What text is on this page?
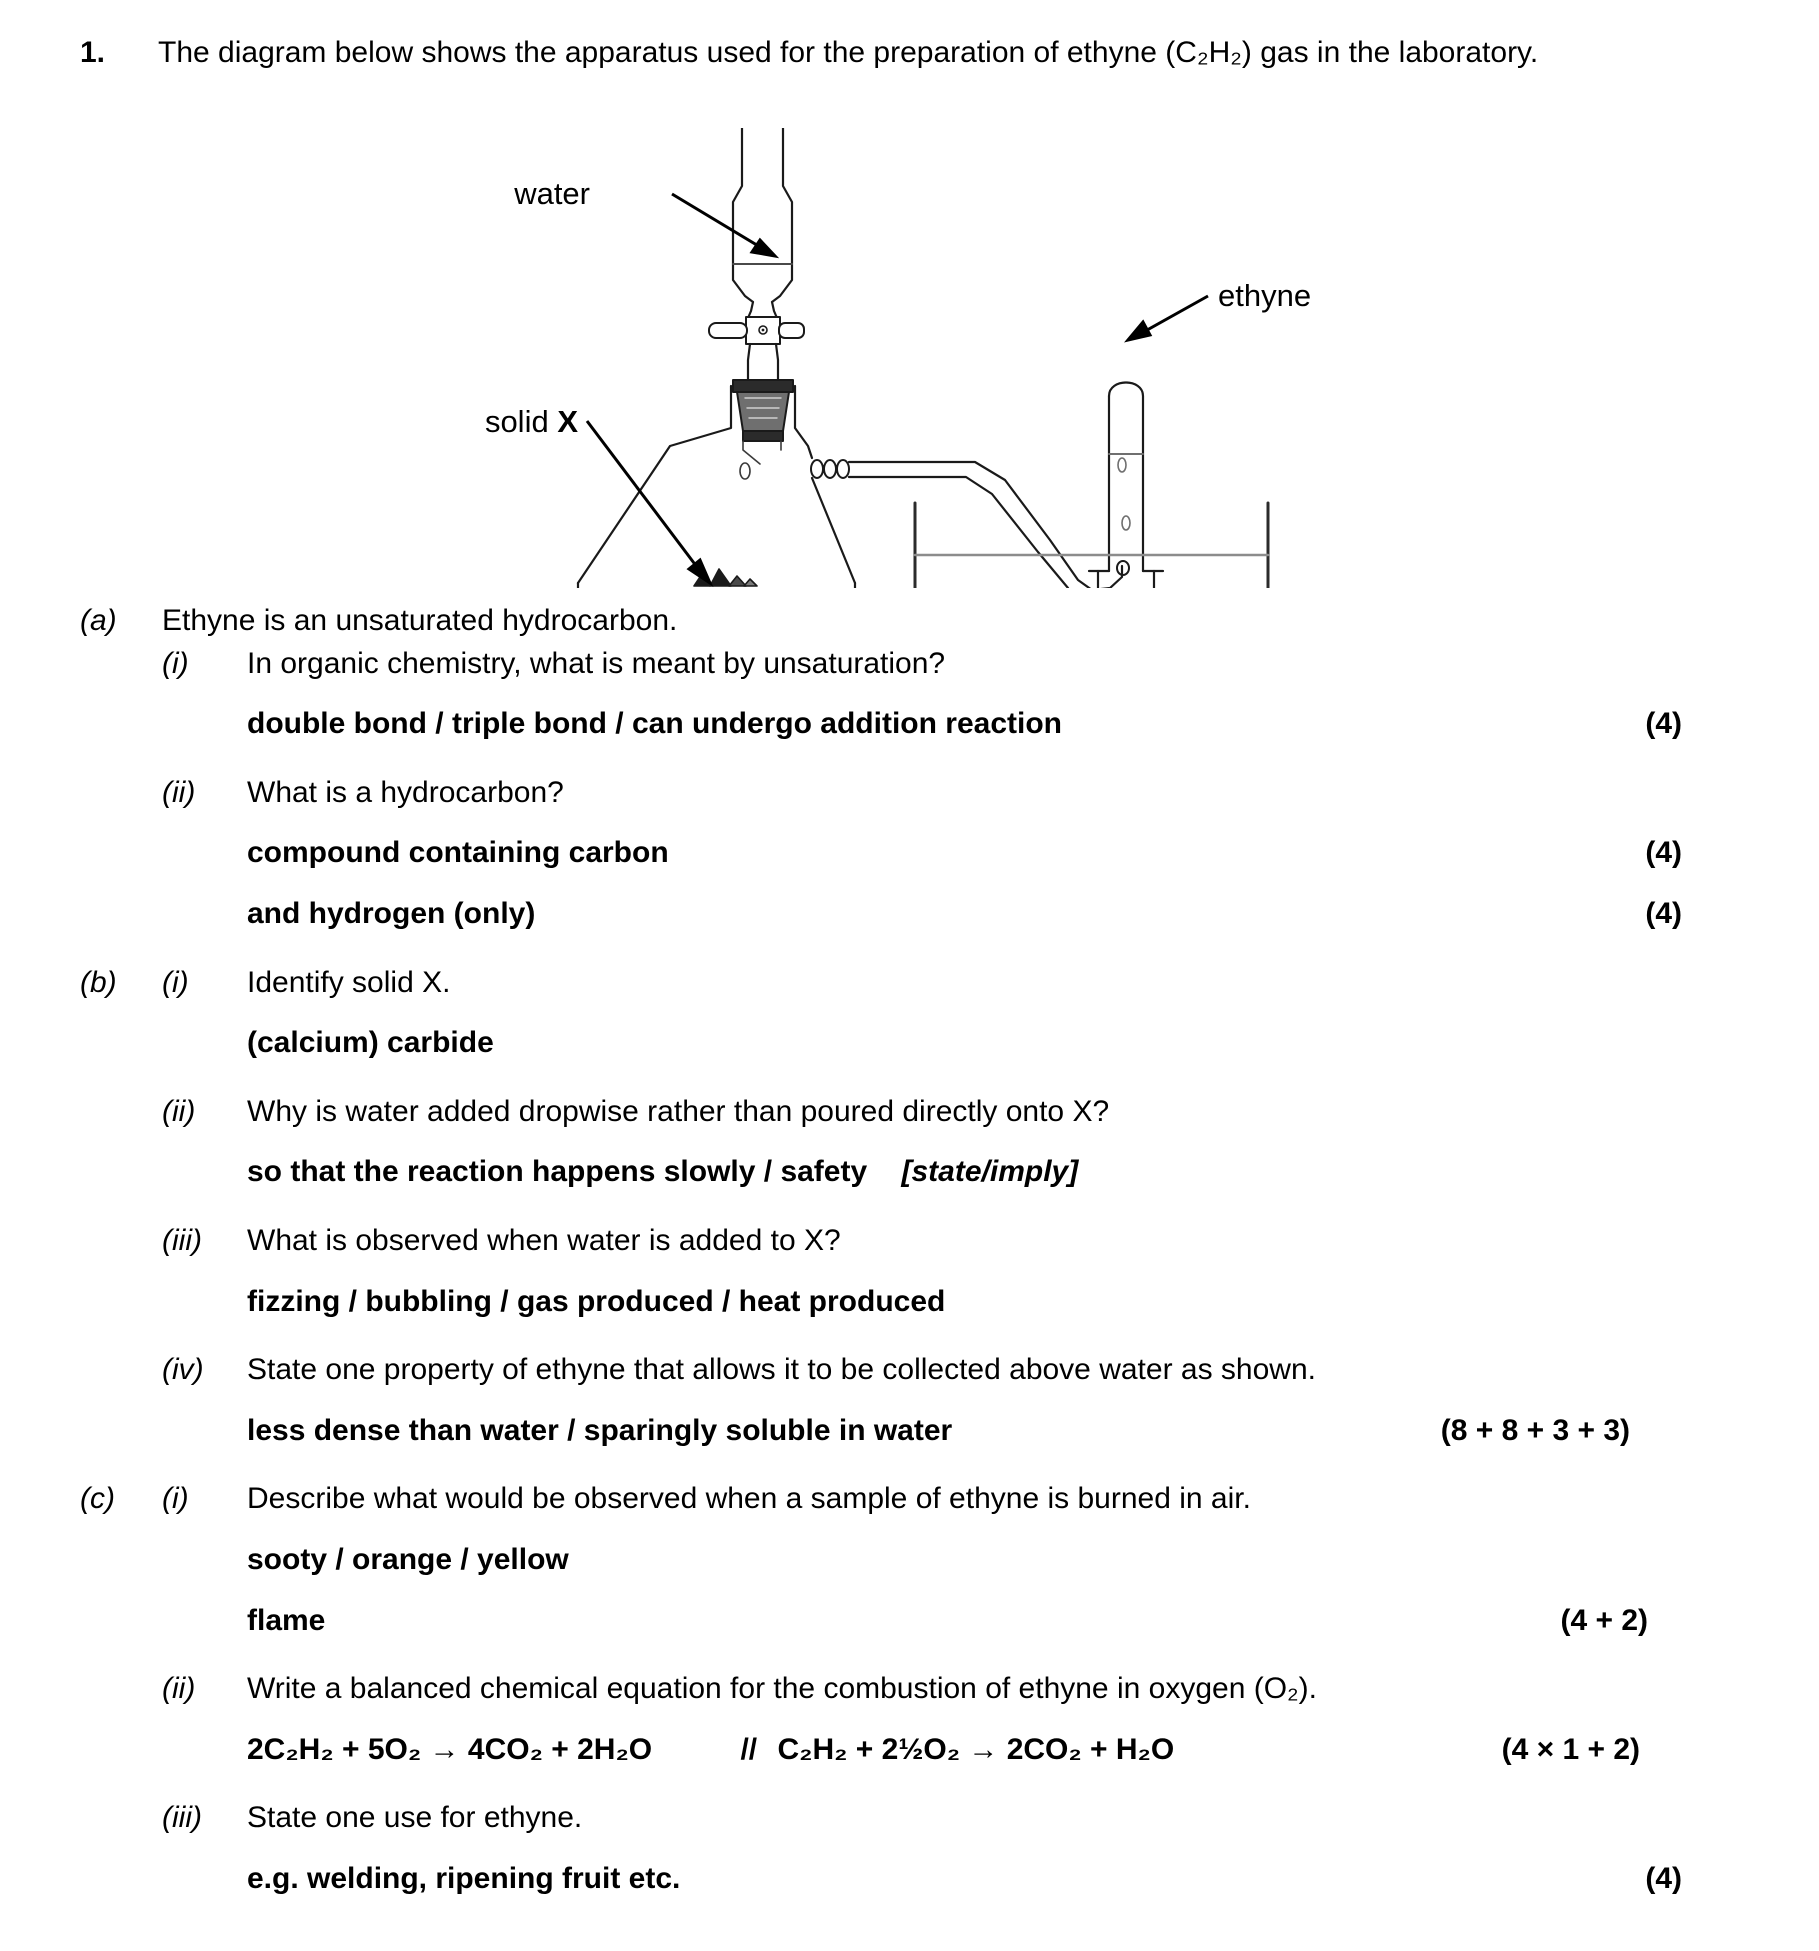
1.	The diagram below shows the apparatus used for the preparation of ethyne (C₂H₂) gas in the laboratory.
water
ethyne
solid X
(a)	Ethyne is an unsaturated hydrocarbon.
(i)	In organic chemistry, what is meant by unsaturation?
double bond / triple bond / can undergo addition reaction	(4)
(ii)	What is a hydrocarbon?
compound containing carbon	(4)
and hydrogen (only)	(4)
(b)	(i)	Identify solid X.
(calcium) carbide
(ii)	Why is water added dropwise rather than poured directly onto X?
so that the reaction happens slowly / safety [state/imply]
(iii)	What is observed when water is added to X?
fizzing / bubbling / gas produced / heat produced
(iv)	State one property of ethyne that allows it to be collected above water as shown.
less dense than water / sparingly soluble in water	(8 + 8 + 3 + 3)
(c)	(i)	Describe what would be observed when a sample of ethyne is burned in air.
sooty / orange / yellow
flame	(4 + 2)
(ii)	Write a balanced chemical equation for the combustion of ethyne in oxygen (O₂).
2C₂H₂ + 5O₂ → 4CO₂ + 2H₂O	// C₂H₂ + 2½O₂ → 2CO₂ + H₂O	(4 × 1 + 2)
(iii)	State one use for ethyne.
e.g. welding, ripening fruit etc.	(4)
